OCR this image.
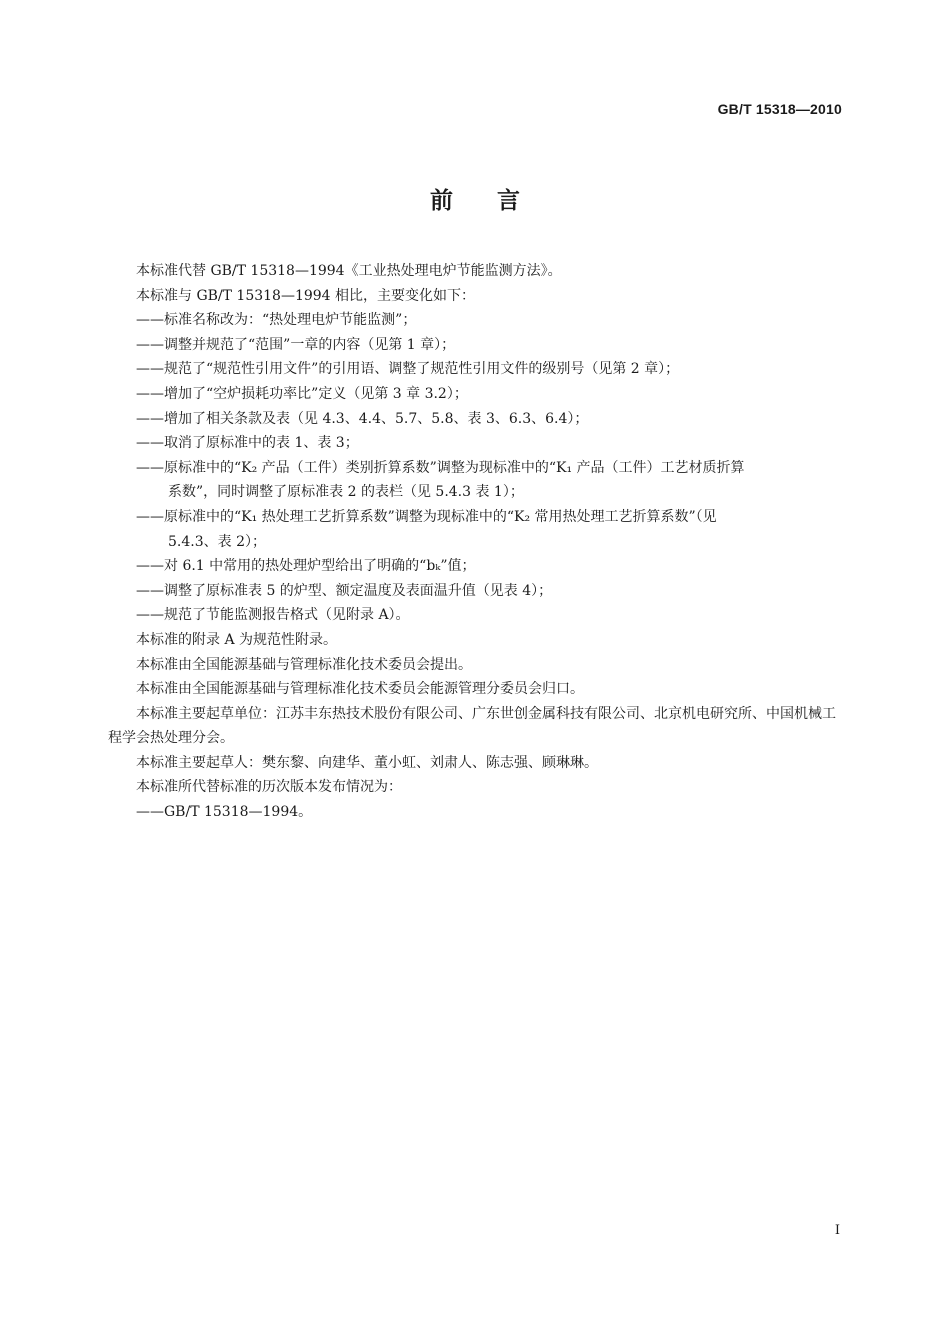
GB/T 15318—2010
前言

本标准代替 GB/T 15318—1994《工业热处理电炉节能监测方法》。

本标准与 GB/T 15318—1994 相比，主要变化如下：

——标准名称改为：“热处理电炉节能监测”；

——调整并规范了“范围”一章的内容（见第 1 章）；

——规范了“规范性引用文件”的引用语、调整了规范性引用文件的级别号（见第 2 章）；

——增加了“空炉损耗功率比”定义（见第 3 章 3.2）；

——增加了相关条款及表（见 4.3、4.4、5.7、5.8、表 3、6.3、6.4）；

——取消了原标准中的表 1、表 3；

——原标准中的“K₂ 产品（工件）类别折算系数”调整为现标准中的“K₁ 产品（工件）工艺材质折算

系数”，同时调整了原标准表 2 的表栏（见 5.4.3 表 1）；

——原标准中的“K₁ 热处理工艺折算系数”调整为现标准中的“K₂ 常用热处理工艺折算系数”（见

5.4.3、表 2）；

——对 6.1 中常用的热处理炉型给出了明确的“bₖ”值；

——调整了原标准表 5 的炉型、额定温度及表面温升值（见表 4）；

——规范了节能监测报告格式（见附录 A）。

本标准的附录 A 为规范性附录。

本标准由全国能源基础与管理标准化技术委员会提出。

本标准由全国能源基础与管理标准化技术委员会能源管理分委员会归口。

本标准主要起草单位：江苏丰东热技术股份有限公司、广东世创金属科技有限公司、北京机电研究所、中国机械工程学会热处理分会。

本标准主要起草人：樊东黎、向建华、董小虹、刘肃人、陈志强、顾琳琳。

本标准所代替标准的历次版本发布情况为：

——GB/T 15318—1994。

I
